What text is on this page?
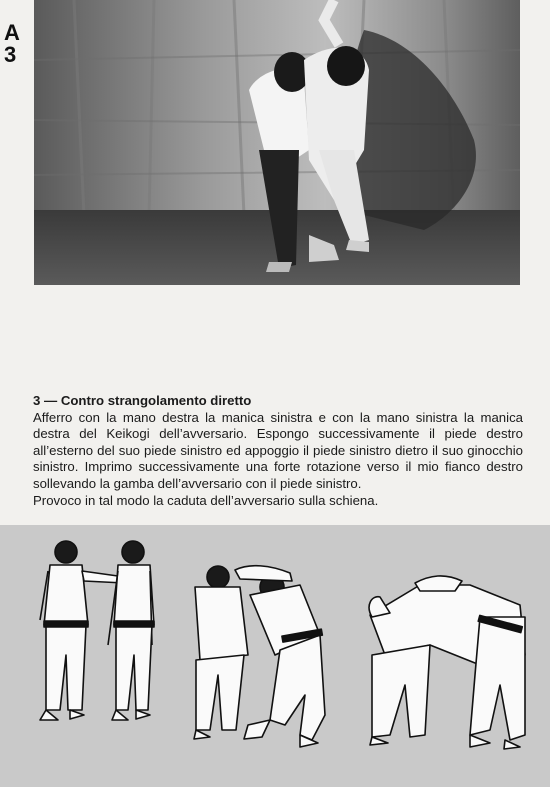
A
3
3 — Contro strangolamento diretto
Afferro con la mano destra la manica sinistra e con la mano sinistra la manica destra del Keikogi dell’avversario. Espongo successivamente il piede destro all’esterno del suo piede sinistro ed appoggio il piede sinistro dietro il suo ginocchio sinistro. Imprimo successivamente una forte rotazione verso il mio fianco destro sollevando la gamba dell’avversario con il piede sinistro.
Provoco in tal modo la caduta dell’avversario sulla schiena.
